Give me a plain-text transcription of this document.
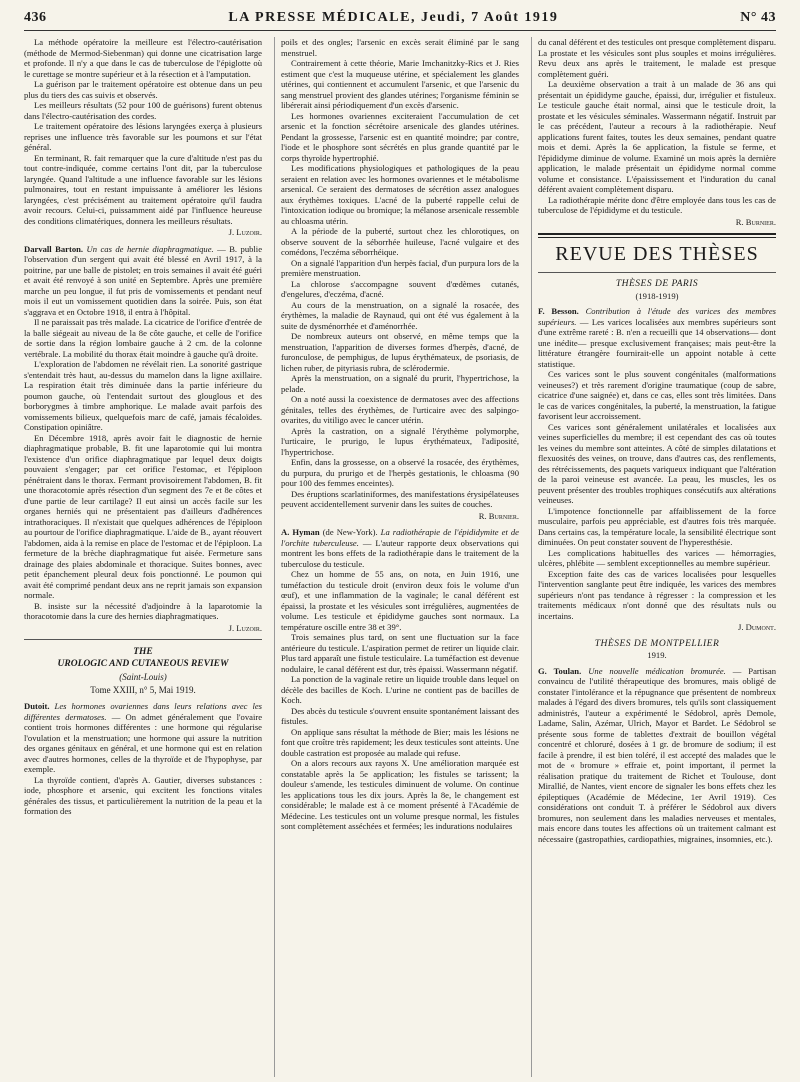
436	LA PRESSE MÉDICALE, Jeudi, 7 Août 1919	N° 43

La méthode opératoire la meilleure est l'électro-cautérisation (méthode de Mermod-Siebenman) qui donne une cicatrisation large et profonde. Il n'y a que dans le cas de tuberculose de l'épiglotte où le curettage se montre supérieur et à la résection et à l'amputation.

La guérison par le traitement opératoire est obtenue dans un peu plus du tiers des cas suivis et observés.

Les meilleurs résultats (52 pour 100 de guérisons) furent obtenus dans l'électro-cautérisation des cordes.

Le traitement opératoire des lésions laryngées exerça à plusieurs reprises une influence très favorable sur les poumons et sur l'état général.

En terminant, R. fait remarquer que la cure d'altitude n'est pas du tout contre-indiquée, comme certains l'ont dit, par la tuberculose laryngée. Quand l'altitude a une influence favorable sur les lésions pulmonaires, tout en restant impuissante à améliorer les lésions laryngées, c'est précisément au traitement opératoire qu'il faudra avoir recours. Celui-ci, puissamment aidé par l'influence heureuse des conditions climatériques, donnera les meilleurs résultats.

J. Luzoir.

Darvall Barton. Un cas de hernie diaphragmatique. — B. publie l'observation d'un sergent qui avait été blessé en Avril 1917, à la poitrine, par une balle de pistolet; en trois semaines il avait été guéri et avait été renvoyé à son unité en Septembre. Après une première marche un peu longue, il fut pris de vomissements et pendant neuf mois il eut un vomissement quotidien dans la soirée. Puis, son état s'aggrava et en Octobre 1918, il entra à l'hôpital.

Il ne paraissait pas très malade. La cicatrice de l'orifice d'entrée de la balle siégeait au niveau de la 8e côte gauche, et celle de l'orifice de sortie dans la région lombaire gauche à 2 cm. de la colonne vertébrale. La mobilité du thorax était moindre à gauche qu'à droite.

L'exploration de l'abdomen ne révélait rien. La sonorité gastrique s'entendait très haut, au-dessus du mamelon dans la ligne axillaire. La respiration était très diminuée dans la partie inférieure du poumon gauche, où l'entendait surtout des glouglous et des borborygmes à timbre amphorique. Le malade avait parfois des vomissements bilieux, quelquefois marc de café, jamais fécaloïdes. Constipation opiniâtre.

En Décembre 1918, après avoir fait le diagnostic de hernie diaphragmatique probable, B. fit une laparotomie qui lui montra l'existence d'un orifice diaphragmatique par lequel deux doigts pouvaient s'engager; par cet orifice l'estomac, et l'épiploon pénétraient dans le thorax. Fermant provisoirement l'abdomen, B. fit une thoracotomie après résection d'un segment des 7e et 8e côtes et d'une partie de leur cartilage? Il eut ainsi un accès facile sur les organes herniés qui ne présentaient pas d'ailleurs d'adhérences intrathoraciques. Il n'existait que quelques adhérences de l'épiploon au pourtour de l'orifice diaphragmatique. L'aide de B., ayant réouvert l'abdomen, aida à la remise en place de l'estomac et de l'épiploon. La fermeture de la brèche diaphragmatique fut aisée. Fermeture sans drainage des plaies abdominale et thoracique. Suites bonnes, avec petit épanchement pleural deux fois ponctionné. Le poumon qui avait été comprimé pendant deux ans ne reprit jamais son expansion normale.

B. insiste sur la nécessité d'adjoindre à la laparotomie la thoracotomie dans la cure des hernies diaphragmatiques.

J. Luzoir.
THE
UROLOGIC AND CUTANEOUS REVIEW
(Saint-Louis)
Tome XXIII, n° 5, Mai 1919.

Dutoit. Les hormones ovariennes dans leurs relations avec les différentes dermatoses. — On admet généralement que l'ovaire contient trois hormones différentes : une hormone qui régularise l'ovulation et la menstruation; une hormone qui assure la nutrition des organes génitaux en général, et une hormone qui est en relation avec d'autres hormones, celles de la thyroïde et de l'hypophyse, par exemple.

La thyroïde contient, d'après A. Gautier, diverses substances : iode, phosphore et arsenic, qui excitent les fonctions vitales générales des tissus, et particulièrement la nutrition de la peau et la formation des

poils et des ongles; l'arsenic en excès serait éliminé par le sang menstruel.

Contrairement à cette théorie, Marie Imchanitzky-Rics et J. Ries estiment que c'est la muqueuse utérine, et spécialement les glandes utérines, qui contiennent et accumulent l'arsenic, et que l'arsenic du sang menstruel provient des glandes utérines; l'organisme féminin se libérerait ainsi périodiquement d'un excès d'arsenic.

Les hormones ovariennes exciteraient l'accumulation de cet arsenic et la fonction sécrétoire arsenicale des glandes utérines. Pendant la grossesse, l'arsenic est en quantité moindre; par contre, l'iode et le phosphore sont sécrétés en plus grande quantité par le corps thyroïde hypertrophié.

Les modifications physiologiques et pathologiques de la peau seraient en relation avec les hormones ovariennes et le métabolisme arsenical. Ce seraient des dermatoses de sécrétion assez analogues aux érythèmes toxiques. L'acné de la puberté rappelle celui de l'intoxication iodique ou bromique; la mélanose arsenicale ressemble au chloasma utérin.

A la période de la puberté, surtout chez les chlorotiques, on observe souvent de la séborrhée huileuse, l'acné vulgaire et des comédons, l'eczéma séborrhéique.

On a signalé l'apparition d'un herpès facial, d'un purpura lors de la première menstruation.

La chlorose s'accompagne souvent d'œdèmes cutanés, d'engelures, d'eczéma, d'acné.

Au cours de la menstruation, on a signalé la rosacée, des érythèmes, la maladie de Raynaud, qui ont été vus également à la suite de dysménorrhée et d'aménorrhée.

De nombreux auteurs ont observé, en même temps que la menstruation, l'apparition de diverses formes d'herpès, d'acné, de furonculose, de pemphigus, de lupus érythémateux, de psoriasis, de lichen ruber, de pityriasis rubra, de sclérodermie.

Après la menstruation, on a signalé du prurit, l'hypertrichose, la pelade.

On a noté aussi la coexistence de dermatoses avec des affections génitales, telles des érythèmes, de l'urticaire avec des salpingo-ovarites, du vitiligo avec le cancer utérin.

Après la castration, on a signalé l'érythème polymorphe, l'urticaire, le prurigo, le lupus érythémateux, l'adiposité, l'hypertrichose.

Enfin, dans la grossesse, on a observé la rosacée, des érythèmes, du purpura, du prurigo et de l'herpès gestationis, le chloasma (90 pour 100 des femmes enceintes).

Des éruptions scarlatiniformes, des manifestations érysipélateuses peuvent accidentellement survenir dans les suites de couches.

R. Burnier.

A. Hyman (de New-York). La radiothérapie de l'épididymite et de l'orchite tuberculeuse. — L'auteur rapporte deux observations qui montrent les bons effets de la radiothérapie dans le traitement de la tuberculose du testicule.

Chez un homme de 55 ans, on nota, en Juin 1916, une tuméfaction du testicule droit (environ deux fois le volume d'un œuf), et une inflammation de la vaginale; le canal déférent est épaissi, la prostate et les vésicules sont irrégulières, augmentées de volume. Les testicule et épididyme gauches sont normaux. La température oscille entre 38 et 39°.

Trois semaines plus tard, on sent une fluctuation sur la face antérieure du testicule. L'aspiration permet de retirer un liquide clair. Plus tard apparaît une fistule testiculaire. La tuméfaction est devenue nodulaire, le canal déférent est dur, très épaissi. Wassermann négatif.

La ponction de la vaginale retire un liquide trouble dans lequel on décèle des bacilles de Koch. L'urine ne contient pas de bacilles de Koch.

Des abcès du testicule s'ouvrent ensuite spontanément laissant des fistules.

On applique sans résultat la méthode de Bier; mais les lésions ne font que croître très rapidement; les deux testicules sont atteints. Une double castration est proposée au malade qui refuse.

On a alors recours aux rayons X. Une amélioration marquée est constatable après la 5e application; les fistules se tarissent; la douleur s'amende, les testicules diminuent de volume. On continue les applications tous les dix jours. Après la 8e, le changement est considérable; le malade est à ce moment présenté à l'Académie de Médecine. Les testicules ont un volume presque normal, les fistules sont complètement asséchées et fermées; les indurations nodulaires

du canal déférent et des testicules ont presque complètement disparu. La prostate et les vésicules sont plus souples et moins irrégulières. Revu deux ans après le traitement, le malade est presque complètement guéri.

La deuxième observation a trait à un malade de 36 ans qui présentait un épididyme gauche, épaissi, dur, irrégulier et fistuleux. Le testicule gauche était normal, ainsi que le testicule droit, la prostate et les vésicules séminales. Wassermann négatif. Instruit par le cas précédent, l'auteur a recours à la radiothérapie. Neuf applications furent faites, toutes les deux semaines, pendant quatre mois et demi. Après la 6e application, la fistule se ferme, et l'épididyme diminue de volume. Examiné un mois après la dernière application, le malade présentait un épididyme normal comme volume et consistance. L'épaississement et l'induration du canal déférent avaient complètement disparu.

La radiothérapie mérite donc d'être employée dans tous les cas de tuberculose de l'épididyme et du testicule.

R. Burnier.
REVUE DES THÈSES
THÈSES DE PARIS
(1918-1919)

F. Besson. Contribution à l'étude des varices des membres supérieurs. — Les varices localisées aux membres supérieurs sont d'une extrême rareté : B. n'en a recueilli que 14 observations— dont une inédite— presque exclusivement françaises; mais peut-être la littérature étrangère fournirait-elle un appoint notable à cette statistique.

Ces varices sont le plus souvent congénitales (malformations veineuses?) et très rarement d'origine traumatique (coup de sabre, cicatrice d'une saignée) et, dans ce cas, elles sont très limitées. Dans le cas de varices congénitales, la puberté, la menstruation, la fatigue favorisent leur accroissement.

Ces varices sont généralement unilatérales et localisées aux veines superficielles du membre; il est cependant des cas où toutes les veines du membre sont atteintes. A côté de simples dilatations et flexuosités des veines, on trouve, dans d'autres cas, des renflements, des rétrécissements, des paquets variqueux indiquant que l'altération de la paroi veineuse est avancée. La peau, les muscles, les os peuvent présenter des troubles trophiques consécutifs aux altérations veineuses.

L'impotence fonctionnelle par affaiblissement de la force musculaire, parfois peu appréciable, est d'autres fois très marquée. Dans certains cas, la température locale, la sensibilité électrique sont diminuées. On peut constater souvent de l'hyperesthésie.

Les complications habituelles des varices — hémorragies, ulcères, phlébite — semblent exceptionnelles au membre supérieur.

Exception faite des cas de varices localisées pour lesquelles l'intervention sanglante peut être indiquée, les varices des membres supérieurs n'ont pas tendance à régresser : la compression et les traitements médicaux n'ont donné que des résultats nuls ou incertains.

J. Dumont.
THÈSES DE MONTPELLIER
1919.

G. Toulan. Une nouvelle médication bromurée. — Partisan convaincu de l'utilité thérapeutique des bromures, mais obligé de constater l'intolérance et la répugnance que présentent de nombreux malades à l'égard des divers bromures, tels qu'ils sont classiquement administrés, l'auteur a expérimenté le Sédobrol, après Demole, Ladame, Salin, Azémar, Ulrich, Mayor et Bardet. Le Sédobrol se présente sous forme de tablettes d'extrait de bouillon végétal concentré et chloruré, dosées à 1 gr. de bromure de sodium; il est facile à prendre, il est bien toléré, il est accepté des malades que le mot de « bromure » effraie et, point important, il permet la réalisation pratique du traitement de Richet et Toulouse, dont Mirallié, de Nantes, vient encore de signaler les bons effets chez les épileptiques (Académie de Médecine, 1er Avril 1919). Ces considérations ont conduit T. à préférer le Sédobrol aux divers bromures, non seulement dans les maladies nerveuses et mentales, mais encore dans toutes les affections où un traitement calmant est nécessaire (gastropathies, cardiopathies, migraines, insomnies, etc.).
